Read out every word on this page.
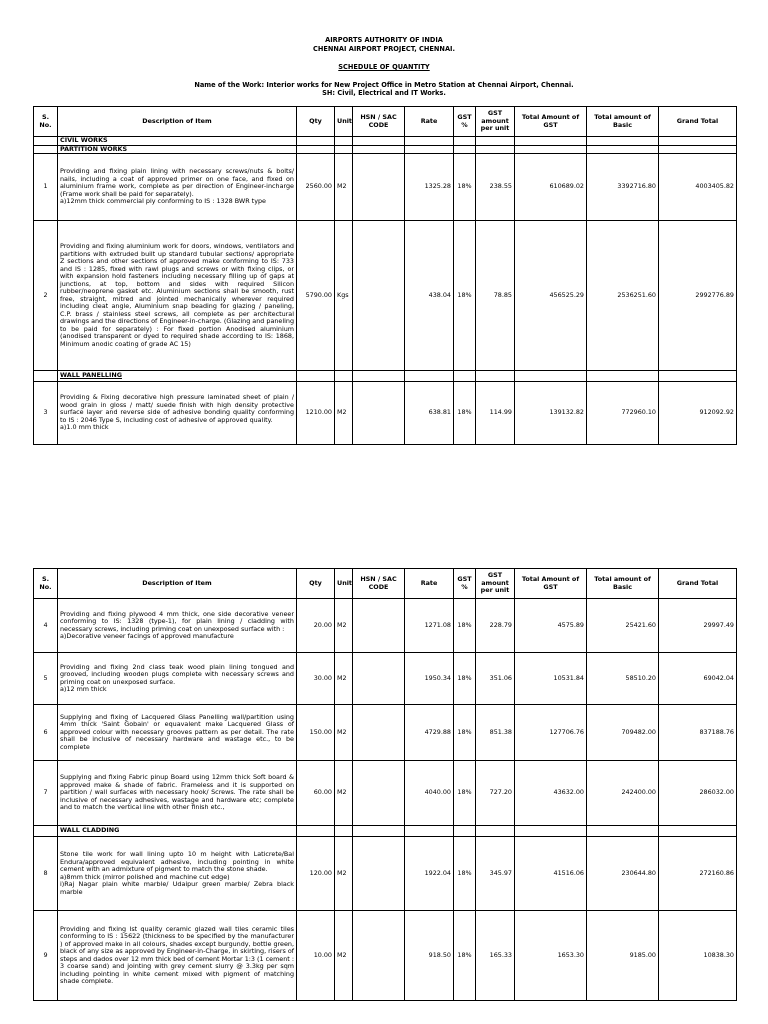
AIRPORTS AUTHORITY OF INDIA
CHENNAI AIRPORT PROJECT, CHENNAI.
SCHEDULE OF QUANTITY
Name of the Work: Interior works for New Project Office in Metro Station at Chennai Airport, Chennai.
SH: Civil, Electrical and IT Works.
S. No.	Description of Item	Qty	Unit	HSN / SAC CODE	Rate	GST %	GST amount per unit	Total Amount of GST	Total amount of Basic	Grand Total
	CIVIL WORKS									
	PARTITION WORKS									
1	Providing and fixing plain lining with necessary screws/nuts & bolts/ nails, including a coat of approved primer on one face, and fixed on aluminium frame work, complete as per direction of Engineer-incharge (Frame work shall be paid for separately).
a)12mm thick commercial ply conforming to IS : 1328 BWR type	2560.00	M2		1325.28	18%	238.55	610689.02	3392716.80	4003405.82
2	Providing and fixing aluminium work for doors, windows, ventilators and partitions with extruded built up standard tubular sections/ appropriate Z sections and other sections of approved make conforming to IS: 733 and IS : 1285, fixed with rawl plugs and screws or with fixing clips, or with expansion hold fasteners including necessary filling up of gaps at junctions, at top, bottom and sides with required Silicon rubber/neoprene gasket etc. Aluminium sections shall be smooth, rust free, straight, mitred and jointed mechanically wherever required including cleat angle, Aluminium snap beading for glazing / paneling, C.P. brass / stainless steel screws, all complete as per architectural drawings and the directions of Engineer-in-charge. (Glazing and paneling to be paid for separately) : For fixed portion Anodised aluminium (anodised transparent or dyed to required shade according to IS: 1868, Minimum anodic coating of grade AC 15)	5790.00	Kgs		438.04	18%	78.85	456525.29	2536251.60	2992776.89
	WALL PANELLING									
3	Providing & Fixing decorative high pressure laminated sheet of plain / wood grain in gloss / matt/ suede finish with high density protective surface layer and reverse side of adhesive bonding quality conforming to IS : 2046 Type S, including cost of adhesive of approved quality.
a)1.0 mm thick	1210.00	M2		638.81	18%	114.99	139132.82	772960.10	912092.92
S. No.	Description of Item	Qty	Unit	HSN / SAC CODE	Rate	GST %	GST amount per unit	Total Amount of GST	Total amount of Basic	Grand Total
4	Providing and fixing plywood 4 mm thick, one side decorative veneer conforming to IS: 1328 (type-1), for plain lining / cladding with necessary screws, including priming coat on unexposed surface with :
a)Decorative veneer facings of approved manufacture	20.00	M2		1271.08	18%	228.79	4575.89	25421.60	29997.49
5	Providing and fixing 2nd class teak wood plain lining tongued and grooved, including wooden plugs complete with necessary screws and priming coat on unexposed surface.
a)12 mm thick	30.00	M2		1950.34	18%	351.06	10531.84	58510.20	69042.04
6	Supplying and fixing of Lacquered Glass Panelling wall/partition using 4mm thick 'Saint Gobain' or equavalent make Lacquered Glass of approved colour with necessary grooves pattern as per detail. The rate shall be inclusive of necessary hardware and wastage etc., to be complete	150.00	M2		4729.88	18%	851.38	127706.76	709482.00	837188.76
7	Supplying and fixing Fabric pinup Board using 12mm thick Soft board & approved make & shade of fabric. Frameless and it is supported on partition / wall surfaces with necessary hook/ Screws. The rate shall be inclusive of necessary adhesives, wastage and hardware etc; complete and to match the vertical line with other finish etc.,	60.00	M2		4040.00	18%	727.20	43632.00	242400.00	286032.00
	WALL CLADDING									
8	Stone tile work for wall lining upto 10 m height with Laticrete/Bal Endura/approved equivalent adhesive, including pointing in white cement with an admixture of pigment to match the stone shade.
a)8mm thick (mirror polished and machine cut edge)
i)Raj Nagar plain white marble/ Udaipur green marble/ Zebra black marble	120.00	M2		1922.04	18%	345.97	41516.06	230644.80	272160.86
9	Providing and fixing Ist quality ceramic glazed wall tiles ceramic tiles conforming to IS : 15622 (thickness to be specified by the manufacturer ) of approved make in all colours, shades except burgundy, bottle green, black of any size as approved by Engineer-in-Charge, in skirting, risers of steps and dados over 12 mm thick bed of cement Mortar 1:3 (1 cement : 3 coarse sand) and jointing with grey cement slurry @ 3.3kg per sqm including pointing in white cement mixed with pigment of matching shade complete.	10.00	M2		918.50	18%	165.33	1653.30	9185.00	10838.30
